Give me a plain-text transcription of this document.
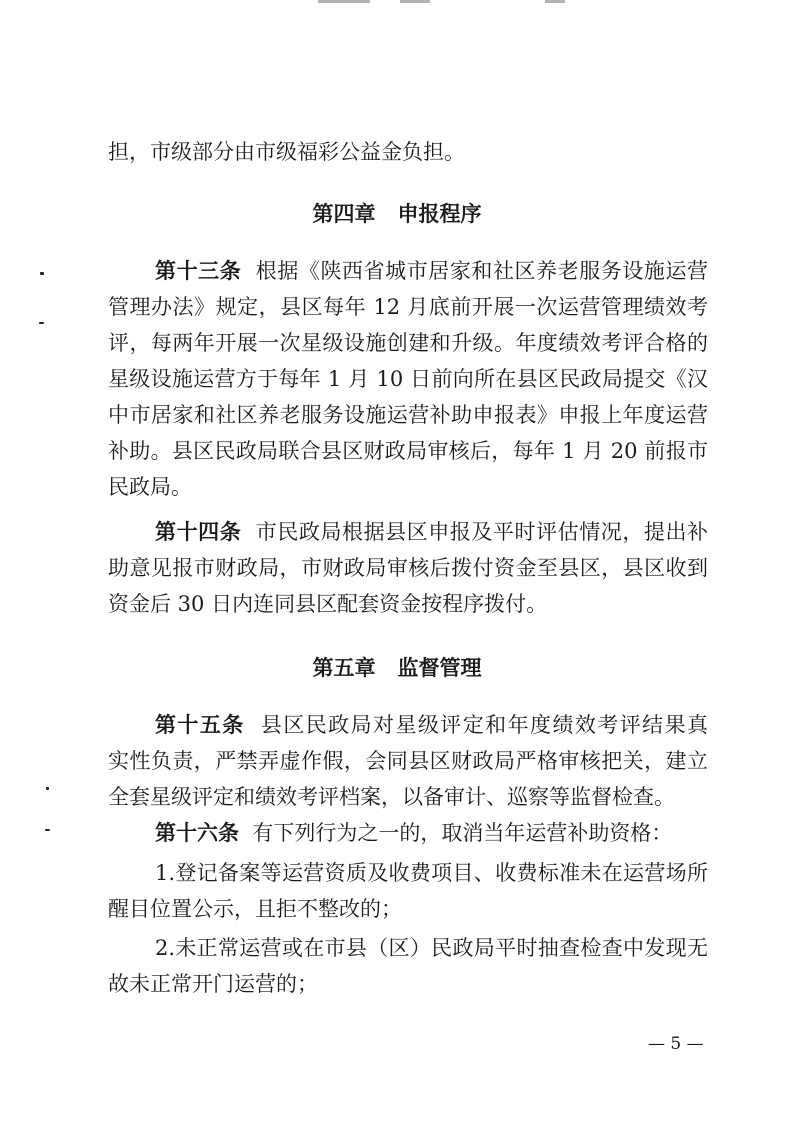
担，市级部分由市级福彩公益金负担。
第四章 申报程序
第十三条 根据《陕西省城市居家和社区养老服务设施运营
管理办法》规定，县区每年 12 月底前开展一次运营管理绩效考
评，每两年开展一次星级设施创建和升级。年度绩效考评合格的
星级设施运营方于每年 1 月 10 日前向所在县区民政局提交《汉
中市居家和社区养老服务设施运营补助申报表》申报上年度运营
补助。县区民政局联合县区财政局审核后，每年 1 月 20 前报市
民政局。
第十四条 市民政局根据县区申报及平时评估情况，提出补
助意见报市财政局，市财政局审核后拨付资金至县区，县区收到
资金后 30 日内连同县区配套资金按程序拨付。
第五章 监督管理
第十五条 县区民政局对星级评定和年度绩效考评结果真
实性负责，严禁弄虚作假，会同县区财政局严格审核把关，建立
全套星级评定和绩效考评档案，以备审计、巡察等监督检查。
第十六条 有下列行为之一的，取消当年运营补助资格：
1.登记备案等运营资质及收费项目、收费标准未在运营场所
醒目位置公示，且拒不整改的；
2.未正常运营或在市县（区）民政局平时抽查检查中发现无
故未正常开门运营的；
— 5 —
